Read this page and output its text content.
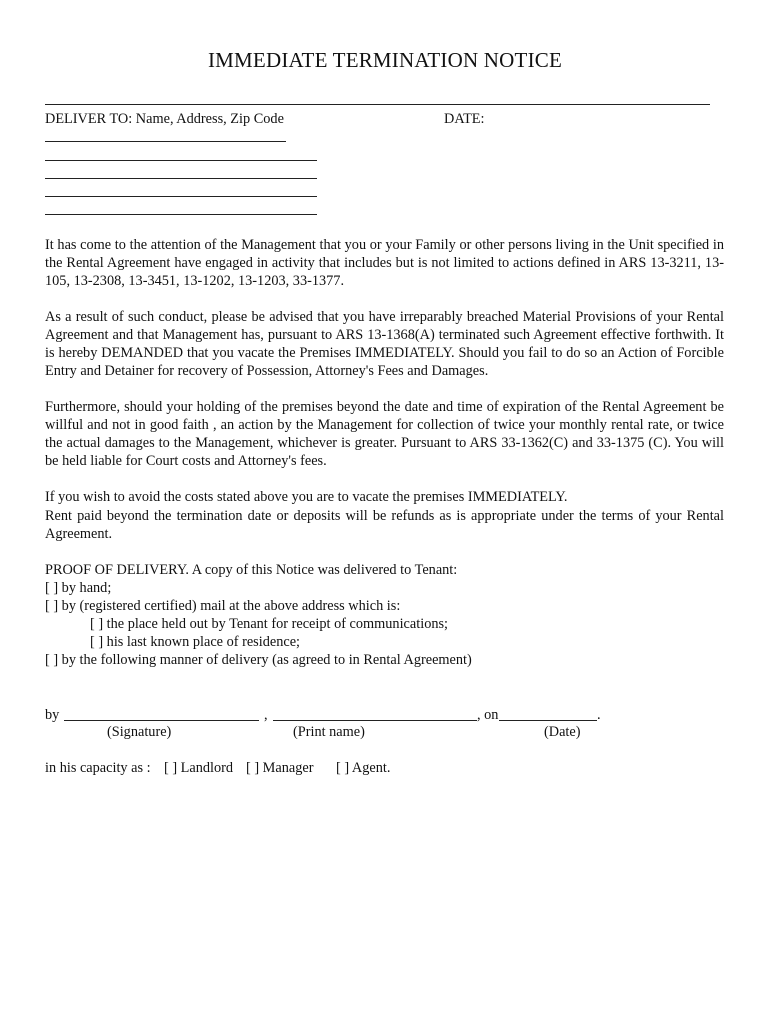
IMMEDIATE TERMINATION NOTICE
DELIVER TO: Name, Address, Zip Code	DATE:
It has come to the attention of the Management that you or your Family or other persons living in the Unit specified in the Rental Agreement have engaged in activity that includes but is not limited to actions defined in ARS 13-3211, 13-105, 13-2308, 13-3451, 13-1202, 13-1203, 33-1377.
As a result of such conduct, please be advised that you have irreparably breached Material Provisions of your Rental Agreement and that Management has, pursuant to ARS 13-1368(A) terminated such Agreement effective forthwith. It is hereby DEMANDED that you vacate the Premises IMMEDIATELY. Should you fail to do so an Action of Forcible Entry and Detainer for recovery of Possession, Attorney's Fees and Damages.
Furthermore, should your holding of the premises beyond the date and time of expiration of the Rental Agreement be willful and not in good faith , an action by the Management for collection of twice your monthly rental rate, or twice the actual damages to the Management, whichever is greater. Pursuant to ARS 33-1362(C) and 33-1375 (C). You will be held liable for Court costs and Attorney's fees.
If you wish to avoid the costs stated above you are to vacate the premises IMMEDIATELY.
Rent paid beyond the termination date or deposits will be refunds as is appropriate under the terms of your Rental Agreement.
PROOF OF DELIVERY. A copy of this Notice was delivered to Tenant:
[ ] by hand;
[ ] by (registered certified) mail at the above address which is:
[ ] the place held out by Tenant for receipt of communications;
[ ] his last known place of residence;
[ ] by the following manner of delivery (as agreed to in Rental Agreement)
by	,	, on	.
(Signature)	(Print name)	(Date)
in his capacity as : [ ] Landlord [ ] Manager [ ] Agent.
